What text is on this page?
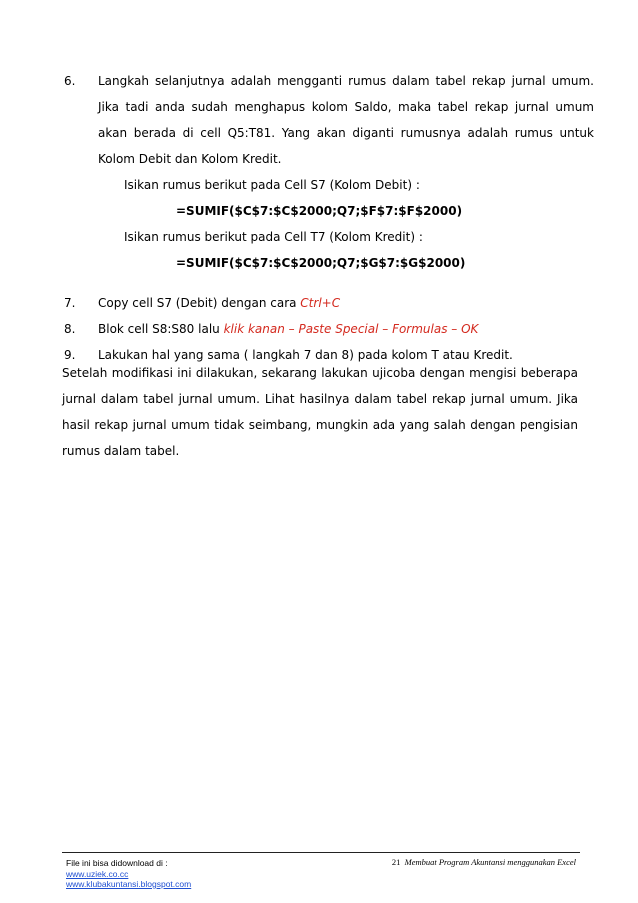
6.	Langkah selanjutnya adalah mengganti rumus dalam tabel rekap jurnal umum. Jika tadi anda sudah menghapus kolom Saldo, maka tabel rekap jurnal umum akan berada di cell Q5:T81. Yang akan diganti rumusnya adalah rumus untuk Kolom Debit dan Kolom Kredit.
Isikan rumus berikut pada Cell S7 (Kolom Debit) :
=SUMIF($C$7:$C$2000;Q7;$F$7:$F$2000)
Isikan rumus berikut pada Cell T7 (Kolom Kredit) :
=SUMIF($C$7:$C$2000;Q7;$G$7:$G$2000)
7.	Copy cell S7 (Debit) dengan cara Ctrl+C
8.	Blok cell S8:S80 lalu klik kanan – Paste Special – Formulas – OK
9.	Lakukan hal yang sama ( langkah 7 dan 8) pada kolom T atau Kredit.
Setelah modifikasi ini dilakukan, sekarang lakukan ujicoba dengan mengisi beberapa jurnal dalam tabel jurnal umum. Lihat hasilnya dalam tabel rekap jurnal umum. Jika hasil rekap jurnal umum tidak seimbang, mungkin ada yang salah dengan pengisian rumus dalam tabel.
File ini bisa didownload di :
www.uziek.co.cc
www.klubakuntansi.blogspot.com
21 Membuat Program Akuntansi menggunakan Excel
